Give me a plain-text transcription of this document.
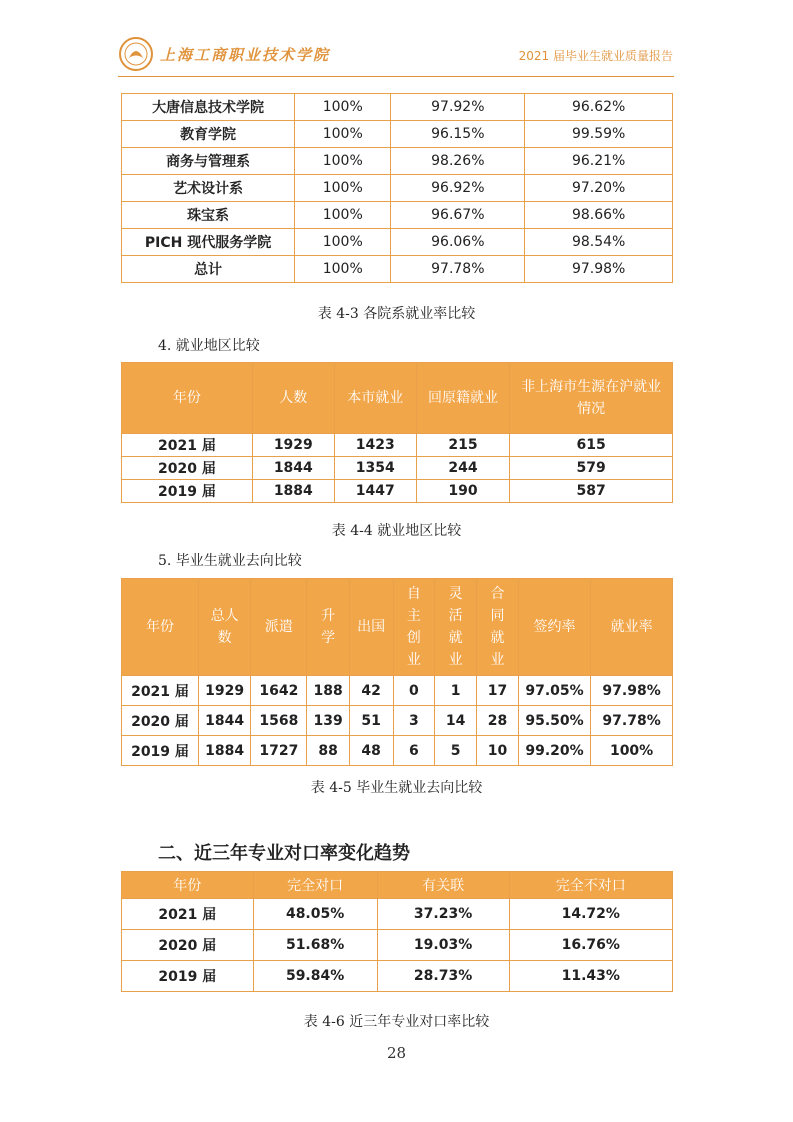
上海工商职业技术学院	2021 届毕业生就业质量报告
大唐信息技术学院	100%	97.92%	96.62%
教育学院	100%	96.15%	99.59%
商务与管理系	100%	98.26%	96.21%
艺术设计系	100%	96.92%	97.20%
珠宝系	100%	96.67%	98.66%
PICH 现代服务学院	100%	96.06%	98.54%
总计	100%	97.78%	97.98%
表 4-3 各院系就业率比较
4. 就业地区比较
年份	人数	本市就业	回原籍就业	非上海市生源在沪就业情况
2021 届	1929	1423	215	615
2020 届	1844	1354	244	579
2019 届	1884	1447	190	587
表 4-4 就业地区比较
5. 毕业生就业去向比较
年份	总人数	派遣	升学	出国	自主创业	灵活就业	合同就业	签约率	就业率
2021 届	1929	1642	188	42	0	1	17	97.05%	97.98%
2020 届	1844	1568	139	51	3	14	28	95.50%	97.78%
2019 届	1884	1727	88	48	6	5	10	99.20%	100%
表 4-5 毕业生就业去向比较
二、近三年专业对口率变化趋势
年份	完全对口	有关联	完全不对口
2021 届	48.05%	37.23%	14.72%
2020 届	51.68%	19.03%	16.76%
2019 届	59.84%	28.73%	11.43%
表 4-6 近三年专业对口率比较
28
